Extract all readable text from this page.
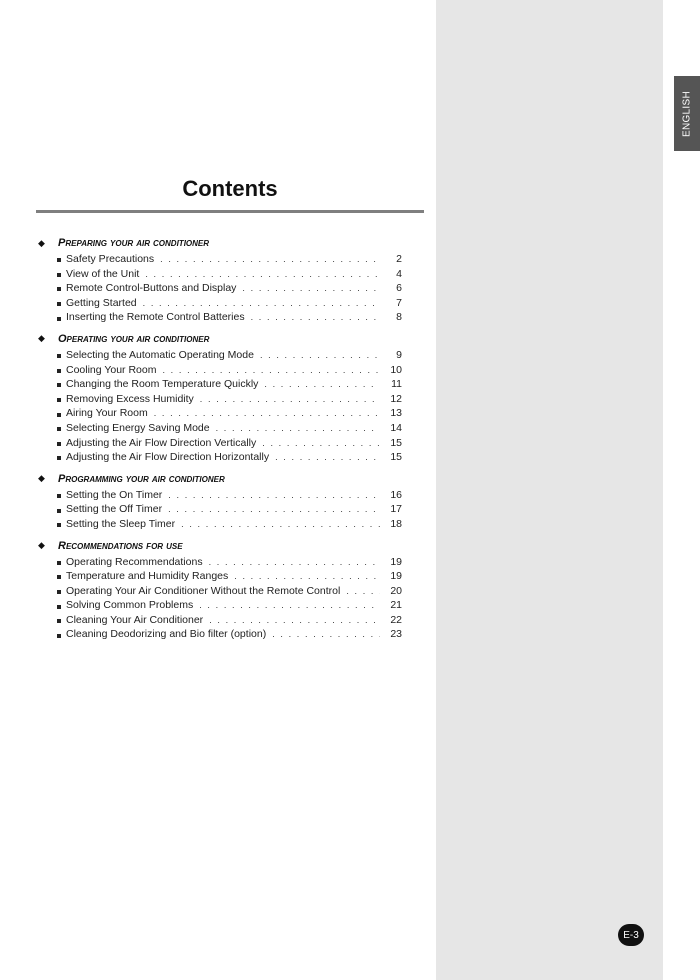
ENGLISH
Contents
◆	Preparing your air conditioner
Safety Precautions . . .	2
View of the Unit . . .	4
Remote Control-Buttons and Display . . .	6
Getting Started . . .	7
Inserting the Remote Control Batteries . . .	8
◆	Operating your air conditioner
Selecting the Automatic Operating Mode . . .	9
Cooling Your Room . . .	10
Changing the Room Temperature Quickly . . .	11
Removing Excess Humidity . . .	12
Airing Your Room . . .	13
Selecting Energy Saving Mode . . .	14
Adjusting the Air Flow Direction Vertically . . .	15
Adjusting the Air Flow Direction Horizontally . . .	15
◆	Programming your air conditioner
Setting the On Timer . . .	16
Setting the Off Timer . . .	17
Setting the Sleep Timer . . .	18
◆	Recommendations for use
Operating Recommendations . . .	19
Temperature and Humidity Ranges . . .	19
Operating Your Air Conditioner Without the Remote Control . . .	20
Solving Common Problems . . .	21
Cleaning Your Air Conditioner . . .	22
Cleaning Deodorizing and Bio filter (option) . . .	23
E-3
